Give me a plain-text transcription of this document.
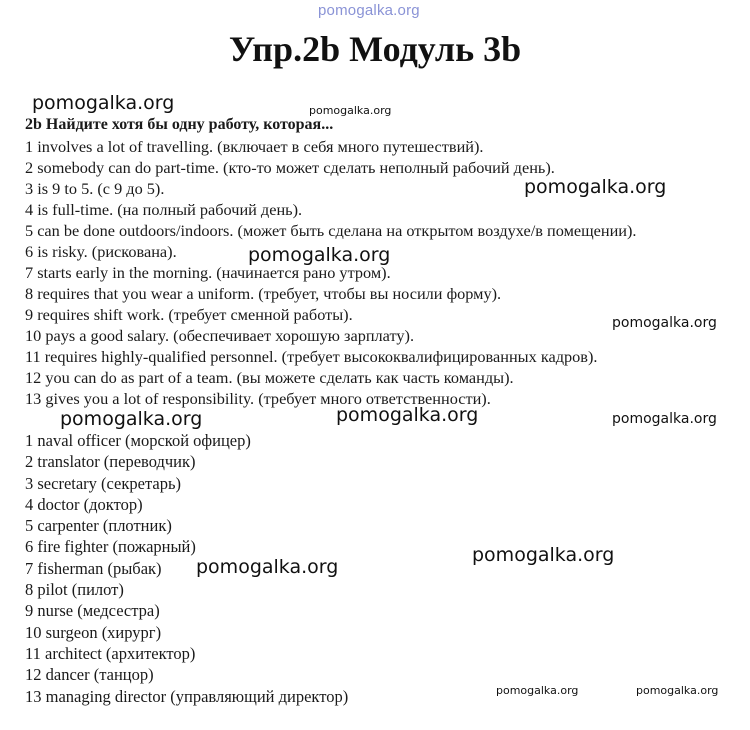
pomogalka.org
Упр.2b Модуль 3b
pomogalka.org	pomogalka.org
pomogalka.org
pomogalka.org
pomogalka.org
pomogalka.org	pomogalka.org	pomogalka.org
pomogalka.org
pomogalka.org
pomogalka.org	pomogalka.org
2b Найдите хотя бы одну работу, которая...
1 involves a lot of travelling. (включает в себя много путешествий).
2 somebody can do part-time. (кто-то может сделать неполный рабочий день).
3 is 9 to 5. (с 9 до 5).
4 is full-time. (на полный рабочий день).
5 can be done outdoors/indoors. (может быть сделана на открытом воздухе/в помещении).
6 is risky. (рискована).
7 starts early in the morning. (начинается рано утром).
8 requires that you wear a uniform. (требует, чтобы вы носили форму).
9 requires shift work. (требует сменной работы).
10 pays a good salary. (обеспечивает хорошую зарплату).
11 requires highly-qualified personnel. (требует высококвалифицированных кадров).
12 you can do as part of a team. (вы можете сделать как часть команды).
13 gives you a lot of responsibility. (требует много ответственности).
1 naval officer (морской офицер)
2 translator (переводчик)
3 secretary (секретарь)
4 doctor (доктор)
5 carpenter (плотник)
6 fire fighter (пожарный)
7 fisherman (рыбак)
8 pilot (пилот)
9 nurse (медсестра)
10 surgeon (хирург)
11 architect (архитектор)
12 dancer (танцор)
13 managing director (управляющий директор)
